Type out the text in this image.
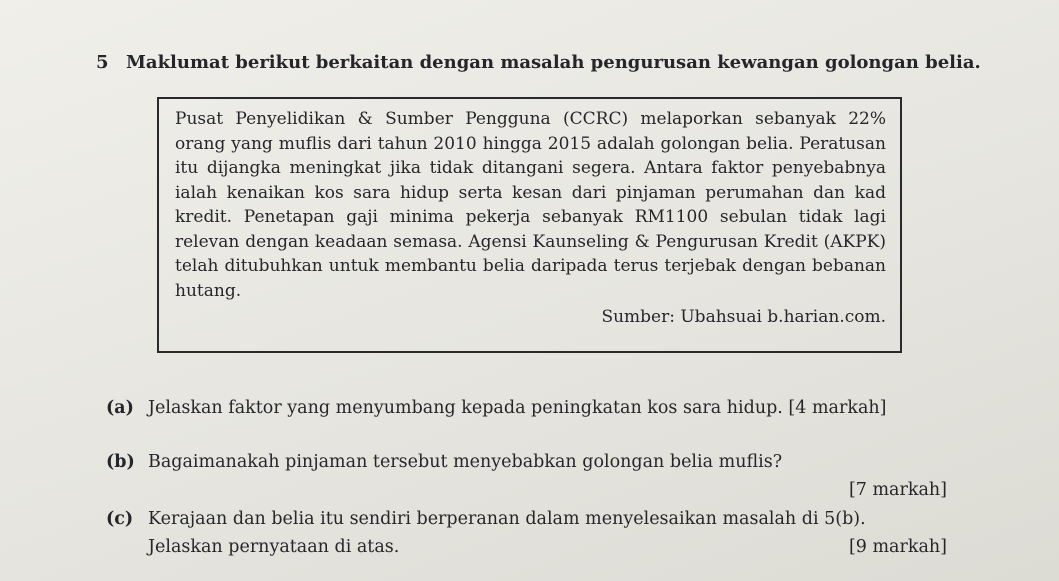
5 Maklumat berikut berkaitan dengan masalah pengurusan kewangan golongan belia.

Pusat Penyelidikan & Sumber Pengguna (CCRC) melaporkan sebanyak 22% orang yang muflis dari tahun 2010 hingga 2015 adalah golongan belia. Peratusan itu dijangka meningkat jika tidak ditangani segera. Antara faktor penyebabnya ialah kenaikan kos sara hidup serta kesan dari pinjaman perumahan dan kad kredit. Penetapan gaji minima pekerja sebanyak RM1100 sebulan tidak lagi relevan dengan keadaan semasa. Agensi Kaunseling & Pengurusan Kredit (AKPK) telah ditubuhkan untuk membantu belia daripada terus terjebak dengan bebanan hutang.

Sumber: Ubahsuai b.harian.com.
(a) Jelaskan faktor yang menyumbang kepada peningkatan kos sara hidup. [4 markah]
(b) Bagaimanakah pinjaman tersebut menyebabkan golongan belia muflis?
[7 markah]
(c) Kerajaan dan belia itu sendiri berperanan dalam menyelesaikan masalah di 5(b).
Jelaskan pernyataan di atas.	[9 markah]
